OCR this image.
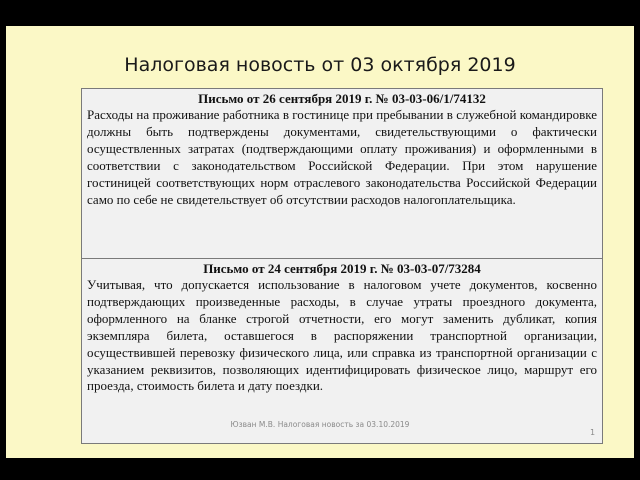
Налоговая новость от 03 октября 2019
Письмо от 26 сентября 2019 г. № 03-03-06/1/74132
Расходы на проживание работника в гостинице при пребывании в служебной командировке должны быть подтверждены документами, свидетельствующими о фактически осуществленных затратах (подтверждающими оплату проживания) и оформленными в соответствии с законодательством Российской Федерации. При этом нарушение гостиницей соответствующих норм отраслевого законодательства Российской Федерации само по себе не свидетельствует об отсутствии расходов налогоплательщика.
Письмо от 24 сентября 2019 г. № 03-03-07/73284
Учитывая, что допускается использование в налоговом учете документов, косвенно подтверждающих произведенные расходы, в случае утраты проездного документа, оформленного на бланке строгой отчетности, его могут заменить дубликат, копия экземпляра билета, оставшегося в распоряжении транспортной организации, осуществившей перевозку физического лица, или справка из транспортной организации с указанием реквизитов, позволяющих идентифицировать физическое лицо, маршрут его проезда, стоимость билета и дату поездки.
Юзван М.В. Налоговая новость за 03.10.2019
1
